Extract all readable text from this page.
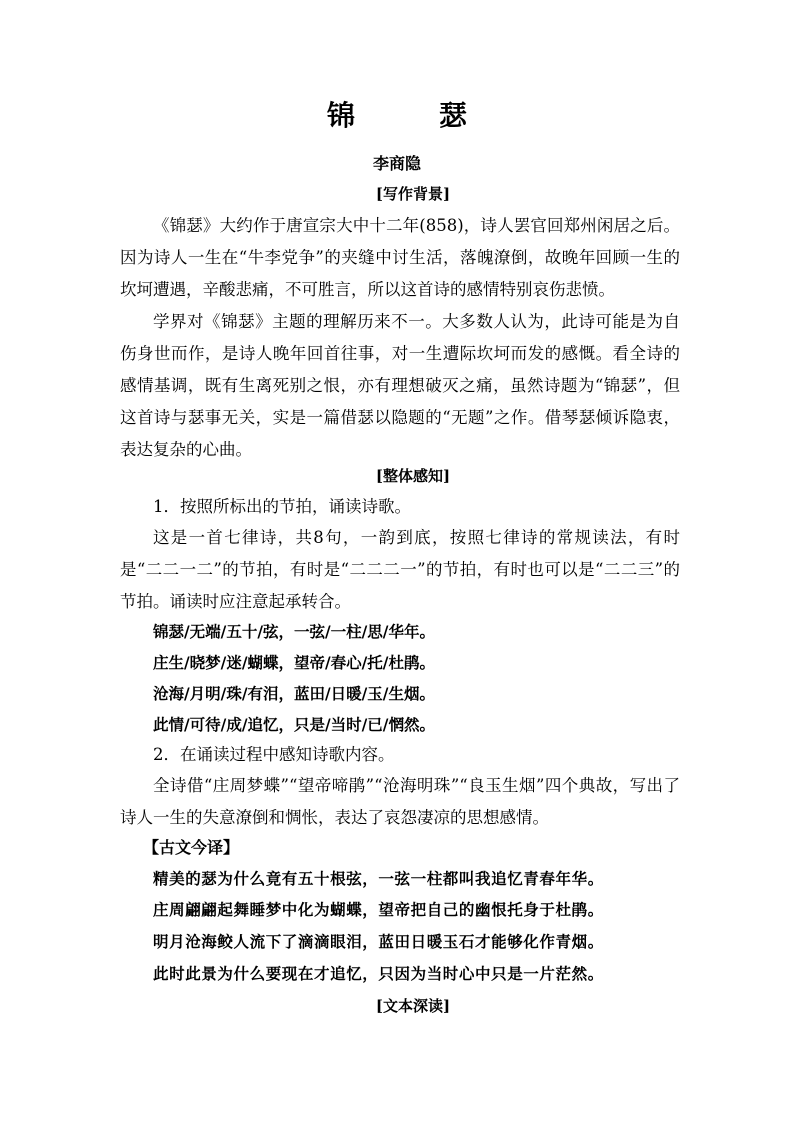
锦　瑟
李商隐
[写作背景]

《锦瑟》大约作于唐宣宗大中十二年(858)，诗人罢官回郑州闲居之后。因为诗人一生在“牛李党争”的夹缝中讨生活，落魄潦倒，故晚年回顾一生的坎坷遭遇，辛酸悲痛，不可胜言，所以这首诗的感情特别哀伤悲愤。

学界对《锦瑟》主题的理解历来不一。大多数人认为，此诗可能是为自伤身世而作，是诗人晚年回首往事，对一生遭际坎坷而发的感慨。看全诗的感情基调，既有生离死别之恨，亦有理想破灭之痛，虽然诗题为“锦瑟”，但这首诗与瑟事无关，实是一篇借瑟以隐题的“无题”之作。借琴瑟倾诉隐衷，表达复杂的心曲。

[整体感知]
1．按照所标出的节拍，诵读诗歌。

这是一首七律诗，共8句，一韵到底，按照七律诗的常规读法，有时是“二二一二”的节拍，有时是“二二二一”的节拍，有时也可以是“二二三”的节拍。诵读时应注意起承转合。

锦瑟/无端/五十/弦，一弦/一柱/思/华年。
庄生/晓梦/迷/蝴蝶，望帝/春心/托/杜鹃。
沧海/月明/珠/有泪，蓝田/日暖/玉/生烟。
此情/可待/成/追忆，只是/当时/已/惘然。
2．在诵读过程中感知诗歌内容。

全诗借“庄周梦蝶”“望帝啼鹃”“沧海明珠”“良玉生烟”四个典故，写出了诗人一生的失意潦倒和惆怅，表达了哀怨凄凉的思想感情。

【古文今译】
精美的瑟为什么竟有五十根弦，一弦一柱都叫我追忆青春年华。
庄周翩翩起舞睡梦中化为蝴蝶，望帝把自己的幽恨托身于杜鹃。
明月沧海鲛人流下了滴滴眼泪，蓝田日暖玉石才能够化作青烟。
此时此景为什么要现在才追忆，只因为当时心中只是一片茫然。
[文本深读]
